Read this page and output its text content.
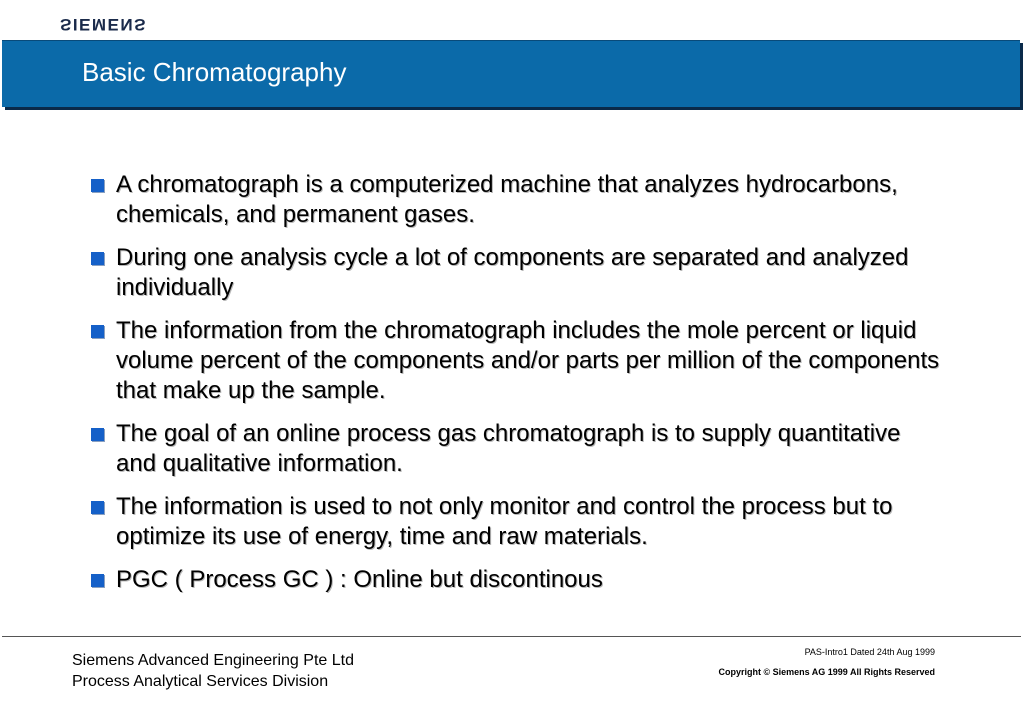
SIEMENS
Basic Chromatography
A chromatograph is a computerized machine that analyzes hydrocarbons, chemicals, and permanent gases.
During one analysis cycle a lot of components are separated and analyzed individually
The information from the chromatograph includes the mole percent or liquid volume percent of the components and/or parts per million of the components that make up the sample.
The goal of an online process gas chromatograph is to supply quantitative and qualitative information.
The information is used to not only monitor and control the process but to optimize its use of energy, time and raw materials.
PGC ( Process GC ) : Online but discontinous
Siemens Advanced Engineering Pte Ltd
Process Analytical Services Division
PAS-Intro1 Dated 24th Aug 1999
Copyright © Siemens AG 1999 All Rights Reserved
